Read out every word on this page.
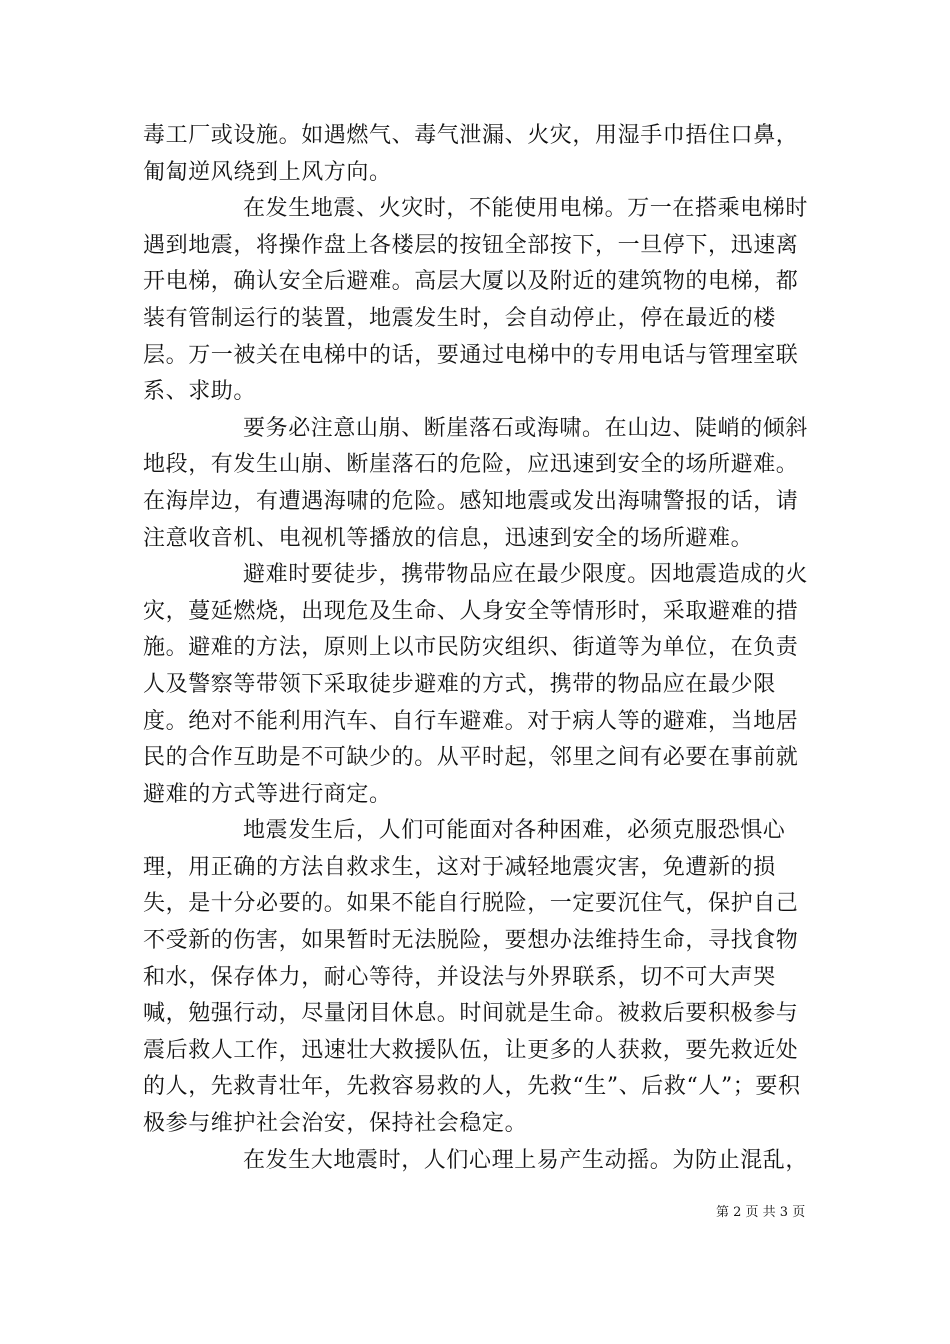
毒工厂或设施。如遇燃气、毒气泄漏、火灾，用湿手巾捂住口鼻，匍匐逆风绕到上风方向。

在发生地震、火灾时，不能使用电梯。万一在搭乘电梯时遇到地震，将操作盘上各楼层的按钮全部按下，一旦停下，迅速离开电梯，确认安全后避难。高层大厦以及附近的建筑物的电梯，都装有管制运行的装置，地震发生时，会自动停止，停在最近的楼层。万一被关在电梯中的话，要通过电梯中的专用电话与管理室联系、求助。

要务必注意山崩、断崖落石或海啸。在山边、陡峭的倾斜地段，有发生山崩、断崖落石的危险，应迅速到安全的场所避难。在海岸边，有遭遇海啸的危险。感知地震或发出海啸警报的话，请注意收音机、电视机等播放的信息，迅速到安全的场所避难。

避难时要徒步，携带物品应在最少限度。因地震造成的火灾，蔓延燃烧，出现危及生命、人身安全等情形时，采取避难的措施。避难的方法，原则上以市民防灾组织、街道等为单位，在负责人及警察等带领下采取徒步避难的方式，携带的物品应在最少限度。绝对不能利用汽车、自行车避难。对于病人等的避难，当地居民的合作互助是不可缺少的。从平时起，邻里之间有必要在事前就避难的方式等进行商定。

地震发生后，人们可能面对各种困难，必须克服恐惧心理，用正确的方法自救求生，这对于减轻地震灾害，免遭新的损失，是十分必要的。如果不能自行脱险，一定要沉住气，保护自己不受新的伤害，如果暂时无法脱险，要想办法维持生命，寻找食物和水，保存体力，耐心等待，并设法与外界联系，切不可大声哭喊，勉强行动，尽量闭目休息。时间就是生命。被救后要积极参与震后救人工作，迅速壮大救援队伍，让更多的人获救，要先救近处的人，先救青壮年，先救容易救的人，先救“生”、后救“人”；要积极参与维护社会治安，保持社会稳定。

在发生大地震时，人们心理上易产生动摇。为防止混乱，

第 2 页 共 3 页
